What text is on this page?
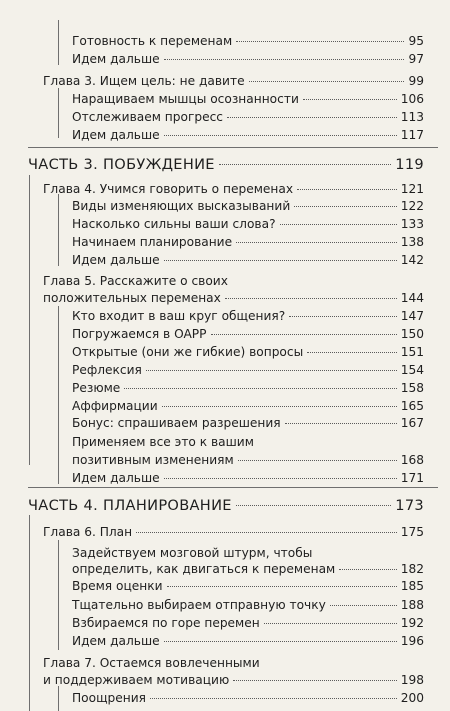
Готовность к переменам	95
Идем дальше	97
Глава 3. Ищем цель: не давите	99
Наращиваем мышцы осознанности	106
Отслеживаем прогресс	113
Идем дальше	117
ЧАСТЬ 3. ПОБУЖДЕНИЕ	119
Глава 4. Учимся говорить о переменах	121
Виды изменяющих высказываний	122
Насколько сильны ваши слова?	133
Начинаем планирование	138
Идем дальше	142
Глава 5. Расскажите о своих
положительных переменах	144
Кто входит в ваш круг общения?	147
Погружаемся в OAPP	150
Открытые (они же гибкие) вопросы	151
Рефлексия	154
Резюме	158
Аффирмации	165
Бонус: спрашиваем разрешения	167
Применяем все это к вашим
позитивным изменениям	168
Идем дальше	171
ЧАСТЬ 4. ПЛАНИРОВАНИЕ	173
Глава 6. План	175
Задействуем мозговой штурм, чтобы
определить, как двигаться к переменам	182
Время оценки	185
Тщательно выбираем отправную точку	188
Взбираемся по горе перемен	192
Идем дальше	196
Глава 7. Остаемся вовлеченными
и поддерживаем мотивацию	198
Поощрения	200
